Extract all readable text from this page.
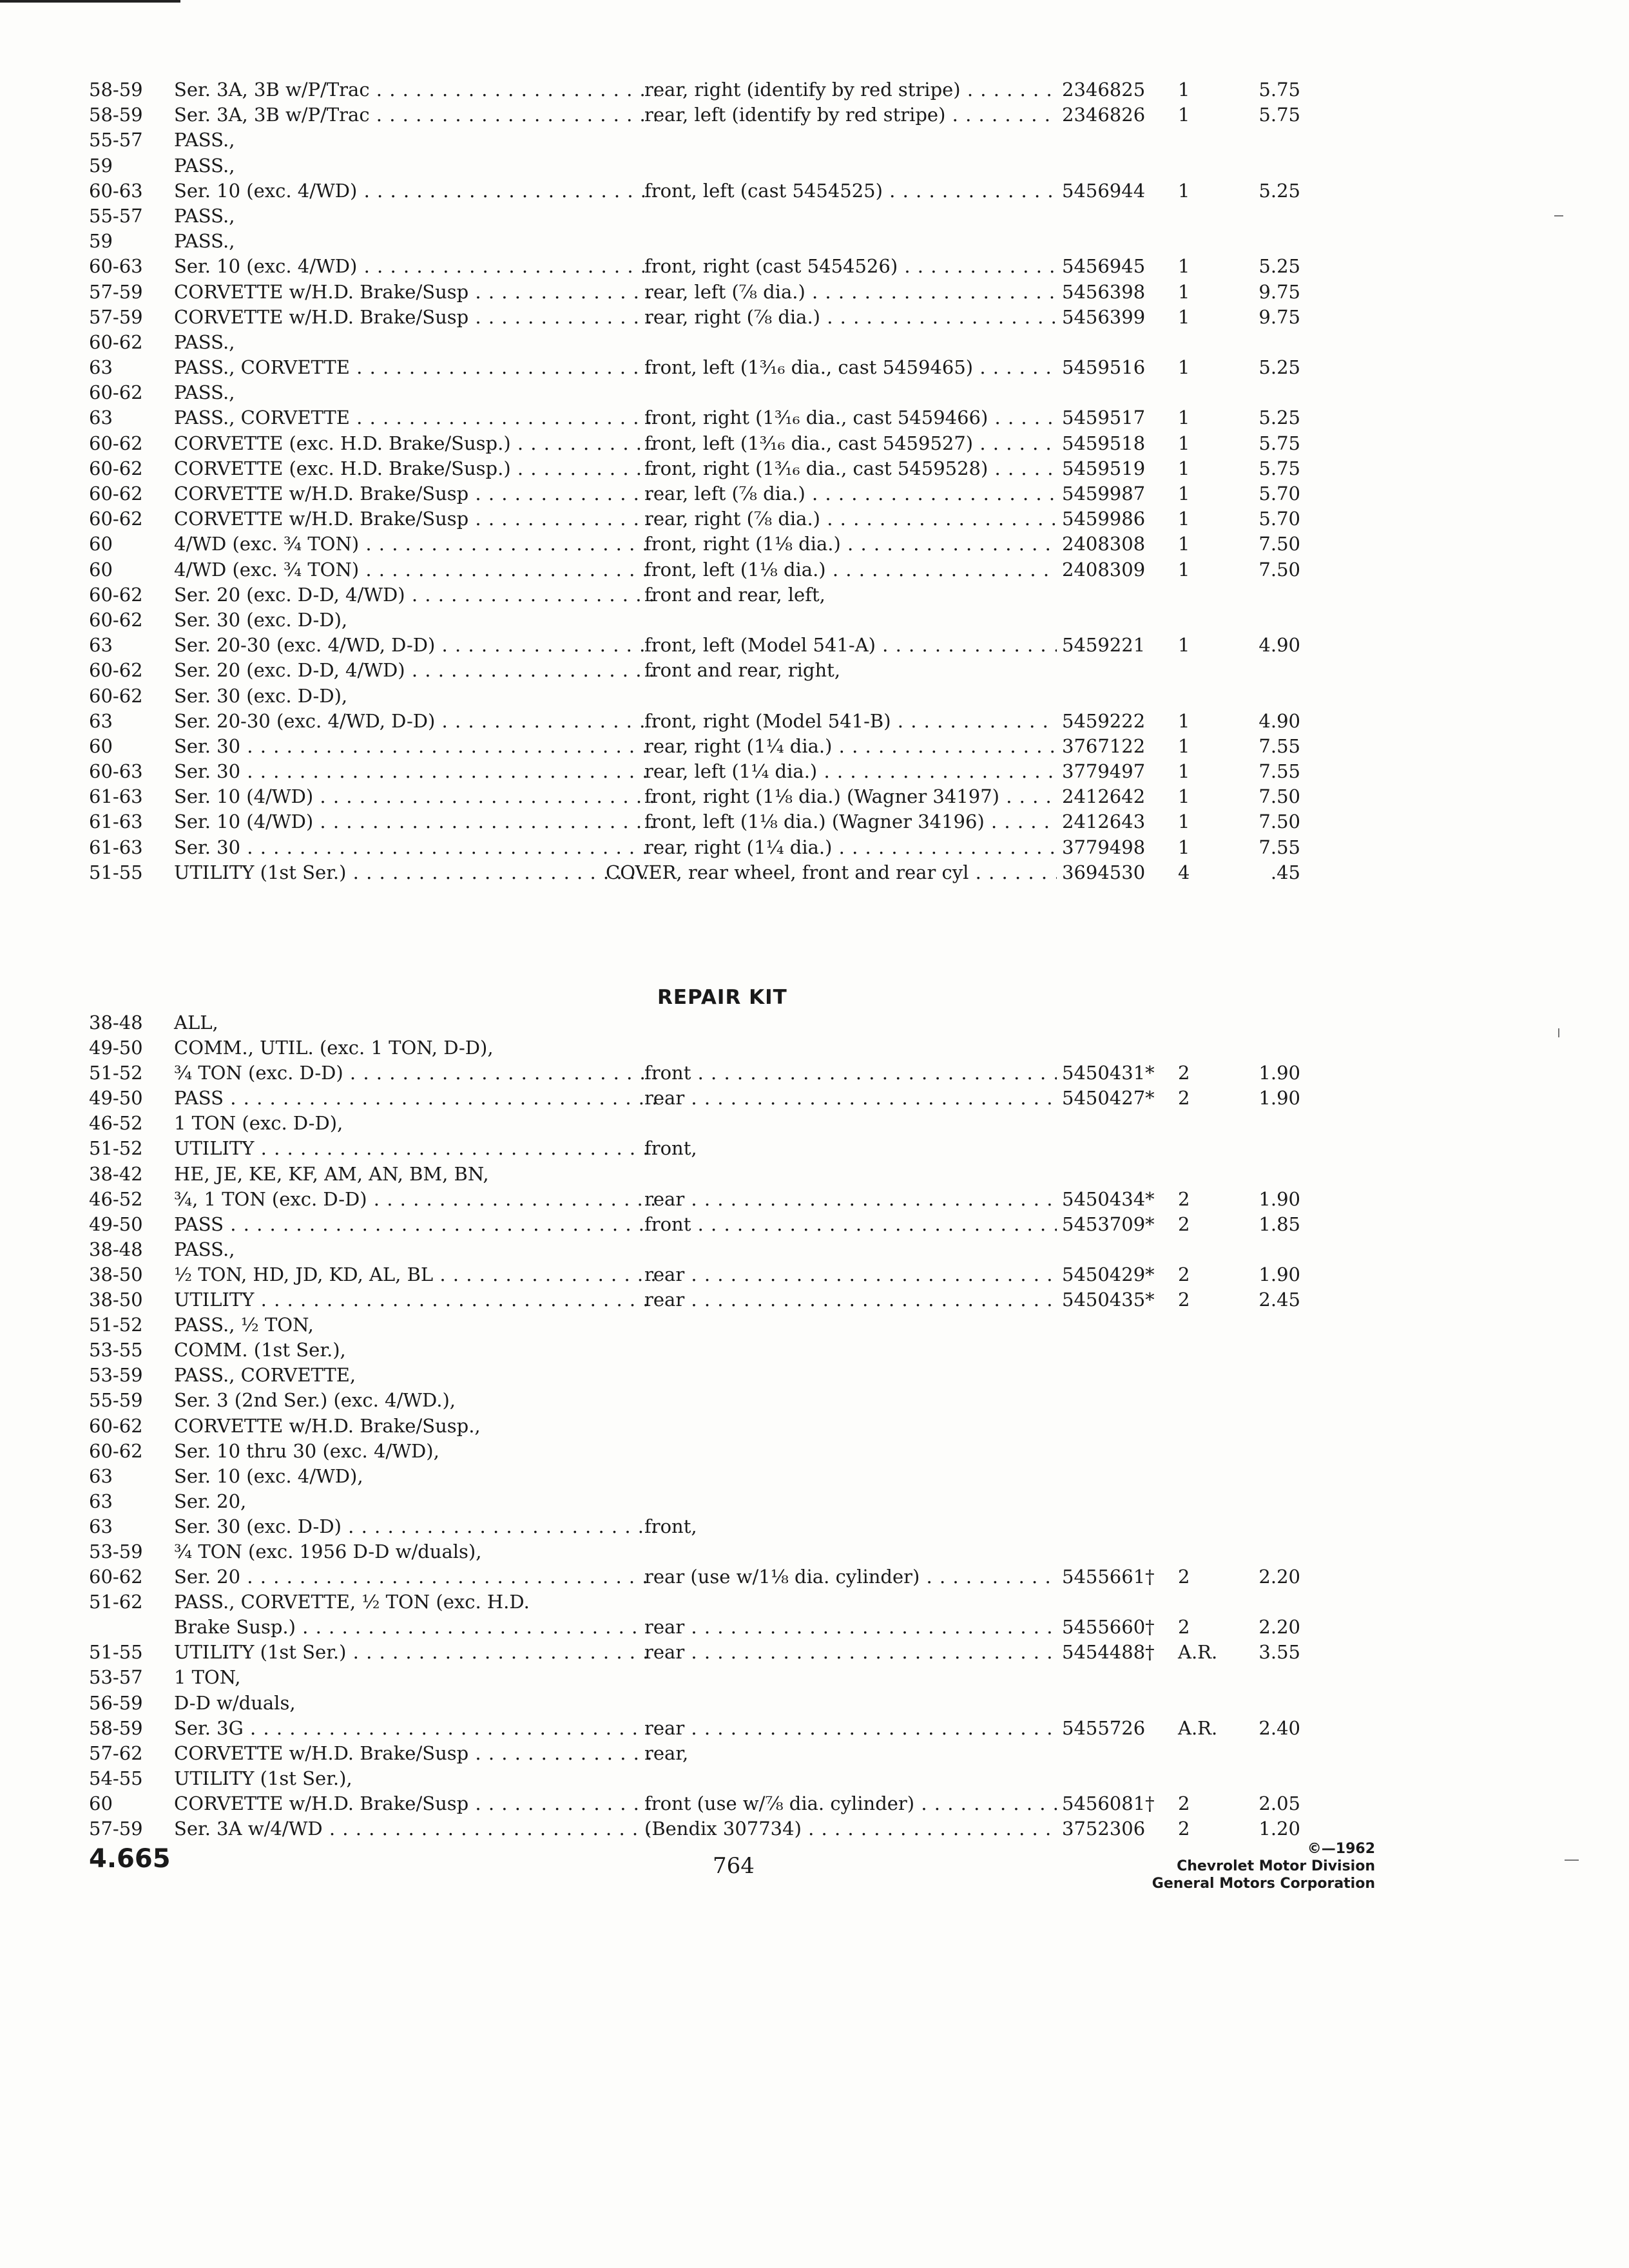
58-59	Ser. 3A, 3B w/P/Trac . . .	rear, right (identify by red stripe) . . .	2346825	1	5.75
58-59	Ser. 3A, 3B w/P/Trac . . .	rear, left (identify by red stripe) . . .	2346826	1	5.75
55-57	PASS.,
59	PASS.,
60-63	Ser. 10 (exc. 4/WD) . . .	front, left (cast 5454525) . . .	5456944	1	5.25
55-57	PASS.,
59	PASS.,
60-63	Ser. 10 (exc. 4/WD) . . .	front, right (cast 5454526) . . .	5456945	1	5.25
57-59	CORVETTE w/H.D. Brake/Susp . . .	rear, left (⅞ dia.) . . .	5456398	1	9.75
57-59	CORVETTE w/H.D. Brake/Susp . . .	rear, right (⅞ dia.) . . .	5456399	1	9.75
60-62	PASS.,
63	PASS., CORVETTE . . .	front, left (1³⁄₁₆ dia., cast 5459465) . . .	5459516	1	5.25
60-62	PASS.,
63	PASS., CORVETTE . . .	front, right (1³⁄₁₆ dia., cast 5459466) . . .	5459517	1	5.25
60-62	CORVETTE (exc. H.D. Brake/Susp.) . . .	front, left (1³⁄₁₆ dia., cast 5459527) . . .	5459518	1	5.75
60-62	CORVETTE (exc. H.D. Brake/Susp.) . . .	front, right (1³⁄₁₆ dia., cast 5459528) . . .	5459519	1	5.75
60-62	CORVETTE w/H.D. Brake/Susp . . .	rear, left (⅞ dia.) . . .	5459987	1	5.70
60-62	CORVETTE w/H.D. Brake/Susp . . .	rear, right (⅞ dia.) . . .	5459986	1	5.70
60	4/WD (exc. ¾ TON) . . .	front, right (1⅛ dia.) . . .	2408308	1	7.50
60	4/WD (exc. ¾ TON) . . .	front, left (1⅛ dia.) . . .	2408309	1	7.50
60-62	Ser. 20 (exc. D-D, 4/WD) . . .	front and rear, left,
60-62	Ser. 30 (exc. D-D),
63	Ser. 20-30 (exc. 4/WD, D-D) . . .	front, left (Model 541-A) . . .	5459221	1	4.90
60-62	Ser. 20 (exc. D-D, 4/WD) . . .	front and rear, right,
60-62	Ser. 30 (exc. D-D),
63	Ser. 20-30 (exc. 4/WD, D-D) . . .	front, right (Model 541-B) . . .	5459222	1	4.90
60	Ser. 30 . . .	rear, right (1¼ dia.) . . .	3767122	1	7.55
60-63	Ser. 30 . . .	rear, left (1¼ dia.) . . .	3779497	1	7.55
61-63	Ser. 10 (4/WD) . . .	front, right (1⅛ dia.) (Wagner 34197) . . .	2412642	1	7.50
61-63	Ser. 10 (4/WD) . . .	front, left (1⅛ dia.) (Wagner 34196) . . .	2412643	1	7.50
61-63	Ser. 30 . . .	rear, right (1¼ dia.) . . .	3779498	1	7.55
51-55	UTILITY (1st Ser.) . . .	COVER, rear wheel, front and rear cyl . . .	3694530	4	.45
REPAIR KIT
38-48	ALL,
49-50	COMM., UTIL. (exc. 1 TON, D-D),
51-52	¾ TON (exc. D-D) . . .	front . . .	5450431*	2	1.90
49-50	PASS . . .	rear . . .	5450427*	2	1.90
46-52	1 TON (exc. D-D),
51-52	UTILITY . . .	front,
38-42	HE, JE, KE, KF, AM, AN, BM, BN,
46-52	¾, 1 TON (exc. D-D) . . .	rear . . .	5450434*	2	1.90
49-50	PASS . . .	front . . .	5453709*	2	1.85
38-48	PASS.,
38-50	½ TON, HD, JD, KD, AL, BL . . .	rear . . .	5450429*	2	1.90
38-50	UTILITY . . .	rear . . .	5450435*	2	2.45
51-52	PASS., ½ TON,
53-55	COMM. (1st Ser.),
53-59	PASS., CORVETTE,
55-59	Ser. 3 (2nd Ser.) (exc. 4/WD.),
60-62	CORVETTE w/H.D. Brake/Susp.,
60-62	Ser. 10 thru 30 (exc. 4/WD),
63	Ser. 10 (exc. 4/WD),
63	Ser. 20,
63	Ser. 30 (exc. D-D) . . .	front,
53-59	¾ TON (exc. 1956 D-D w/duals),
60-62	Ser. 20 . . .	rear (use w/1⅛ dia. cylinder) . . .	5455661†	2	2.20
51-62	PASS., CORVETTE, ½ TON (exc. H.D.
Brake Susp.) . . .	rear . . .	5455660†	2	2.20
51-55	UTILITY (1st Ser.) . . .	rear . . .	5454488†	A.R.	3.55
53-57	1 TON,
56-59	D-D w/duals,
58-59	Ser. 3G . . .	rear . . .	5455726	A.R.	2.40
57-62	CORVETTE w/H.D. Brake/Susp . . .	rear,
54-55	UTILITY (1st Ser.),
60	CORVETTE w/H.D. Brake/Susp . . .	front (use w/⅞ dia. cylinder) . . .	5456081†	2	2.05
57-59	Ser. 3A w/4/WD . . .	(Bendix 307734) . . .	3752306	2	1.20
4.665	764
©—1962
Chevrolet Motor Division
General Motors Corporation
